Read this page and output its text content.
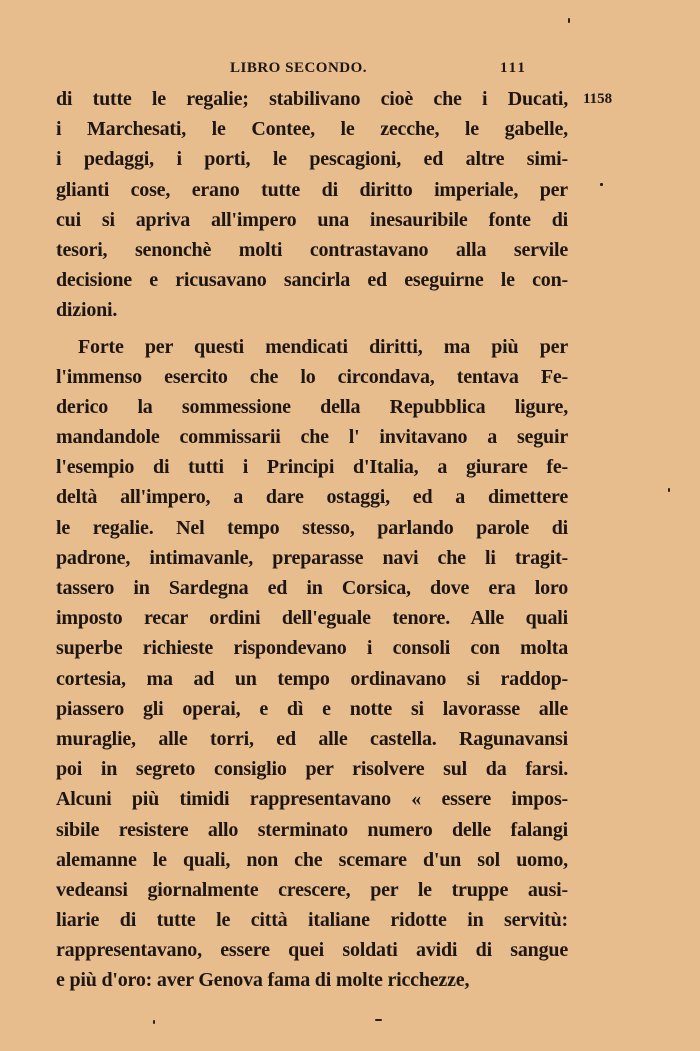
LIBRO SECONDO.	111
1158
di tutte le regalie; stabilivano cioè che i Ducati,
i Marchesati, le Contee, le zecche, le gabelle,
i pedaggi, i porti, le pescagioni, ed altre simi-
glianti cose, erano tutte di diritto imperiale, per
cui si apriva all'impero una inesauribile fonte di
tesori, senonchè molti contrastavano alla servile
decisione e ricusavano sancirla ed eseguirne le con-
dizioni.
Forte per questi mendicati diritti, ma più per
l'immenso esercito che lo circondava, tentava Fe-
derico la sommessione della Repubblica ligure,
mandandole commissarii che l' invitavano a seguir
l'esempio di tutti i Principi d'Italia, a giurare fe-
deltà all'impero, a dare ostaggi, ed a dimettere
le regalie. Nel tempo stesso, parlando parole di
padrone, intimavanle, preparasse navi che li tragit-
tassero in Sardegna ed in Corsica, dove era loro
imposto recar ordini dell'eguale tenore. Alle quali
superbe richieste rispondevano i consoli con molta
cortesia, ma ad un tempo ordinavano si raddop-
piassero gli operai, e dì e notte si lavorasse alle
muraglie, alle torri, ed alle castella. Ragunavansi
poi in segreto consiglio per risolvere sul da farsi.
Alcuni più timidi rappresentavano « essere impos-
sibile resistere allo sterminato numero delle falangi
alemanne le quali, non che scemare d'un sol uomo,
vedeansi giornalmente crescere, per le truppe ausi-
liarie di tutte le città italiane ridotte in servitù:
rappresentavano, essere quei soldati avidi di sangue
e più d'oro: aver Genova fama di molte ricchezze,
